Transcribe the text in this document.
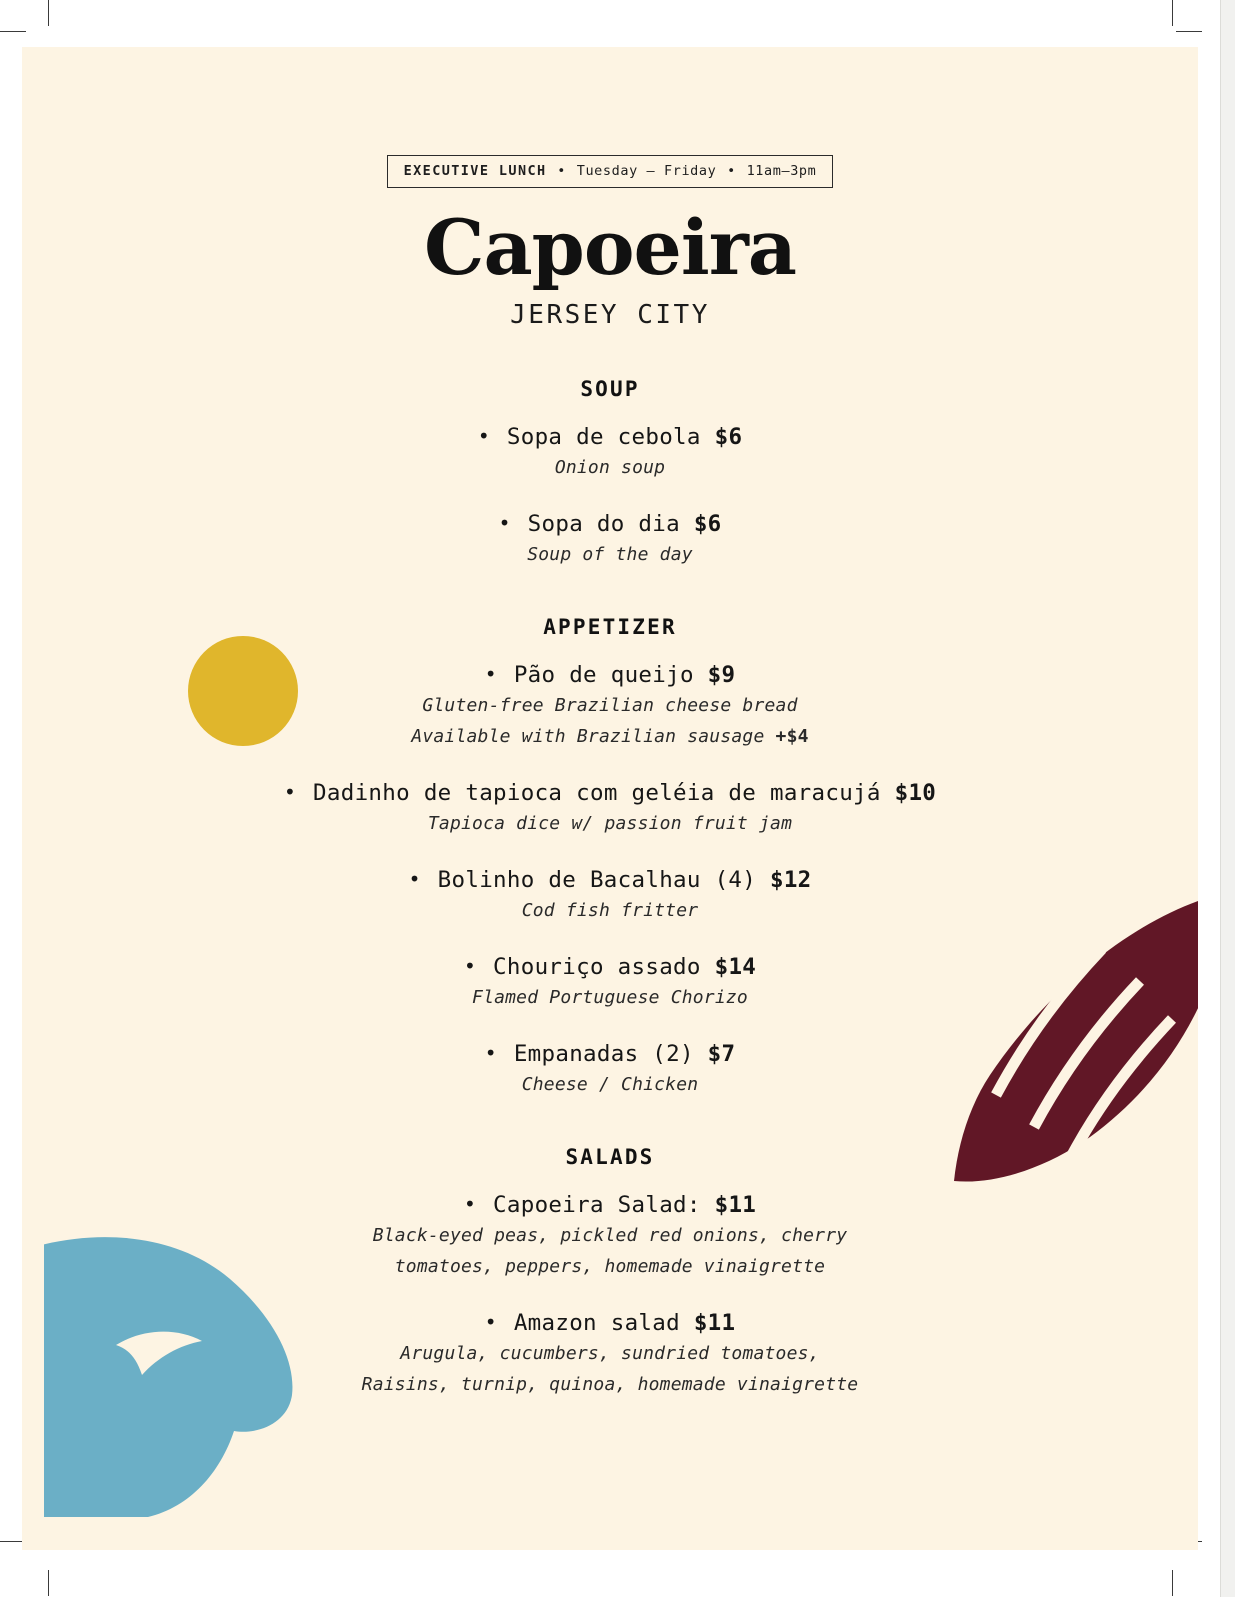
EXECUTIVE LUNCH • Tuesday – Friday • 11am–3pm
Capoeira
JERSEY CITY
SOUP
• Sopa de cebola $6
Onion soup
• Sopa do dia $6
Soup of the day
APPETIZER
• Pão de queijo $9
Gluten-free Brazilian cheese bread
Available with Brazilian sausage +$4
• Dadinho de tapioca com geléia de maracujá $10
Tapioca dice w/ passion fruit jam
• Bolinho de Bacalhau (4) $12
Cod fish fritter
• Chouriço assado $14
Flamed Portuguese Chorizo
• Empanadas (2) $7
Cheese / Chicken
SALADS
• Capoeira Salad: $11
Black-eyed peas, pickled red onions, cherry
tomatoes, peppers, homemade vinaigrette
• Amazon salad $11
Arugula, cucumbers, sundried tomatoes,
Raisins, turnip, quinoa, homemade vinaigrette
